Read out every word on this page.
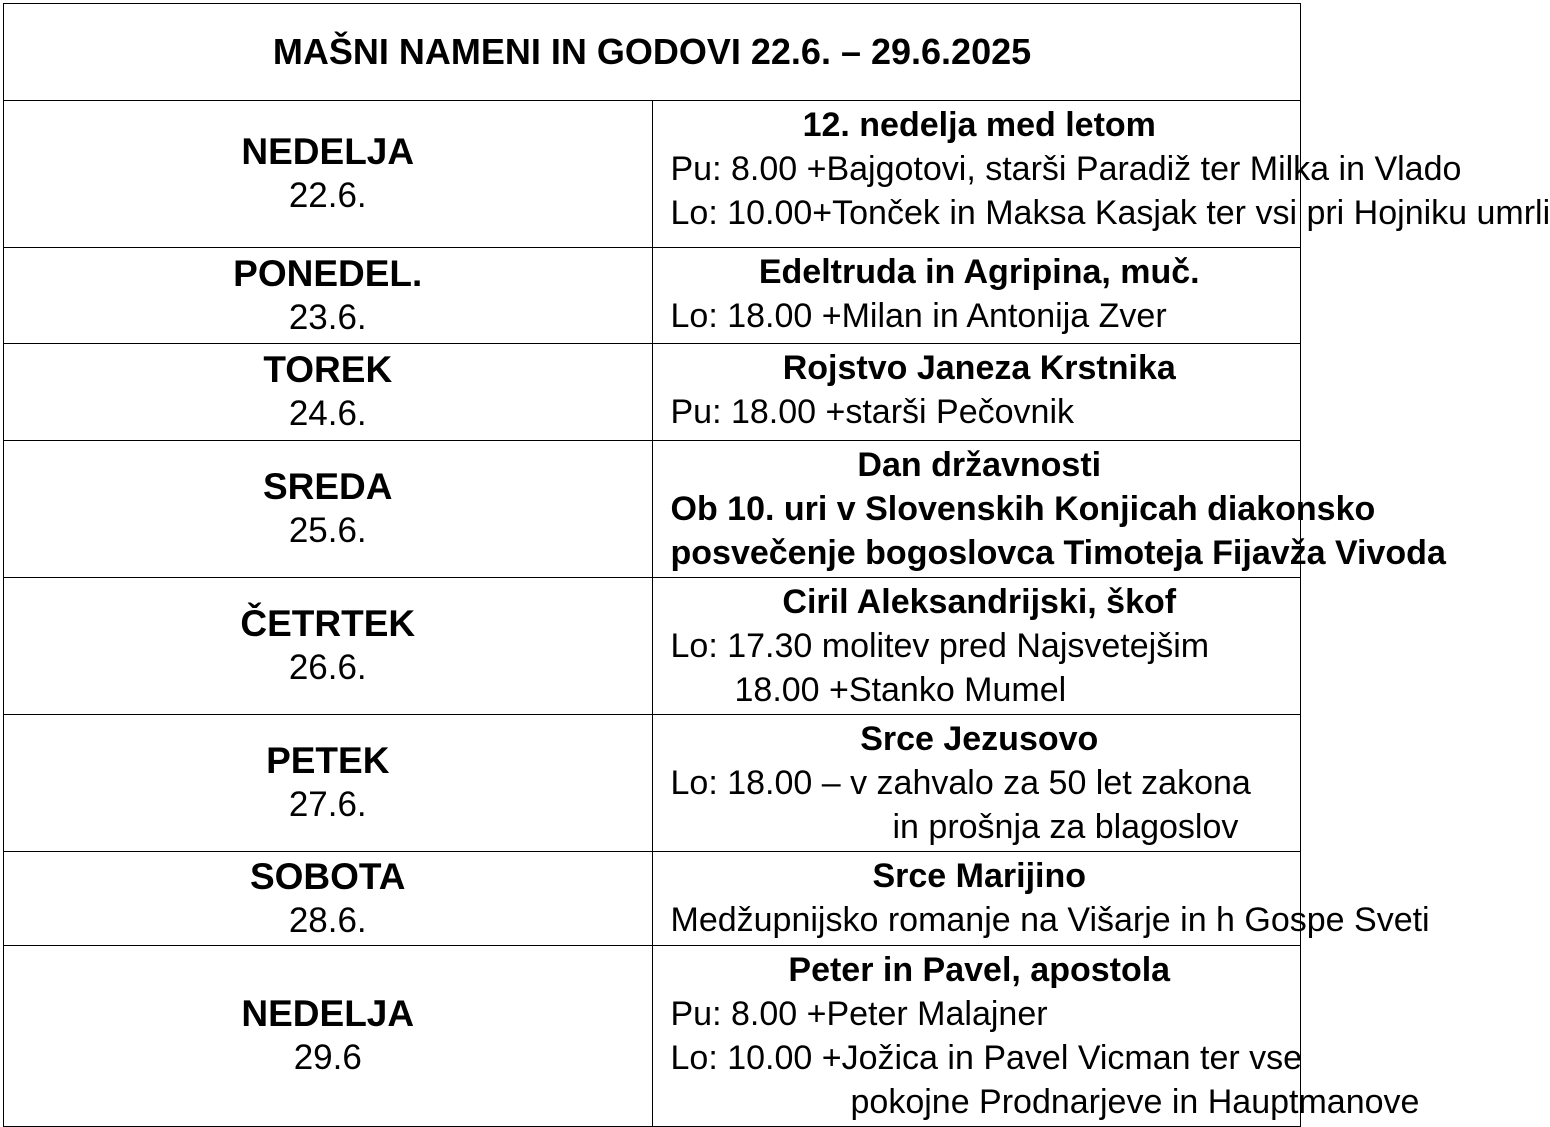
MAŠNI NAMENI IN GODOVI 22.6. – 29.6.2025	

NEDELJA
22.6.	12. nedelja med letom
Pu: 8.00 +Bajgotovi, starši Paradiž ter Milka in Vlado
Lo: 10.00+Tonček in Maksa Kasjak ter vsi pri Hojniku umrli

PONEDEL.
23.6.	Edeltruda in Agripina, muč.
Lo: 18.00 +Milan in Antonija Zver

TOREK
24.6.	Rojstvo Janeza Krstnika
Pu: 18.00 +starši Pečovnik

SREDA
25.6.	Dan državnosti
Ob 10. uri v Slovenskih Konjicah diakonsko
posvečenje bogoslovca Timoteja Fijavža Vivoda

ČETRTEK
26.6.	Ciril Aleksandrijski, škof
Lo: 17.30 molitev pred Najsvetejšim
18.00 +Stanko Mumel

PETEK
27.6.	Srce Jezusovo
Lo: 18.00 – v zahvalo za 50 let zakona
in prošnja za blagoslov

SOBOTA
28.6.	Srce Marijino
Medžupnijsko romanje na Višarje in h Gospe Sveti

NEDELJA
29.6	Peter in Pavel, apostola
Pu: 8.00 +Peter Malajner
Lo: 10.00 +Jožica in Pavel Vicman ter vse
pokojne Prodnarjeve in Hauptmanove
